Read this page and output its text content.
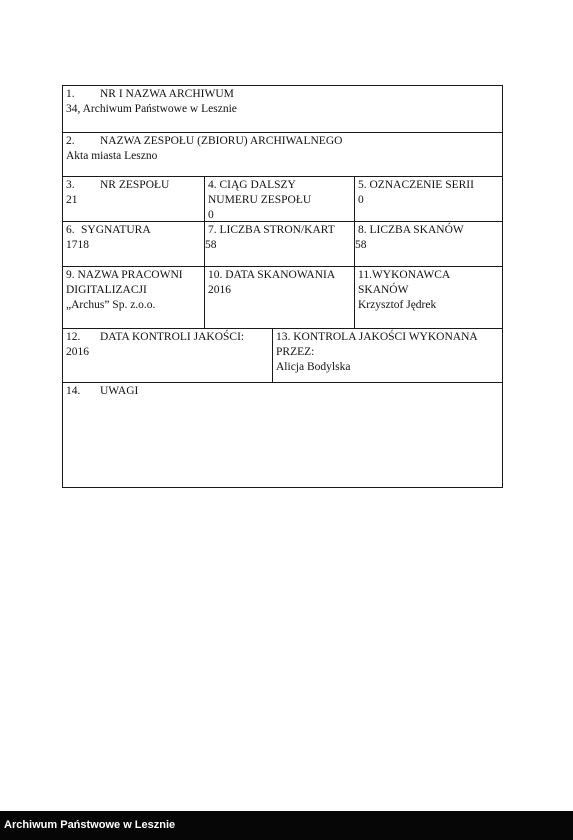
1. NR I NAZWA ARCHIWUM
34, Archiwum Państwowe w Lesznie
2. NAZWA ZESPOŁU (ZBIORU) ARCHIWALNEGO
Akta miasta Leszno
3. NR ZESPOŁU
21
4. CIĄG DALSZY
NUMERU ZESPOŁU
0
5. OZNACZENIE SERII
0
6. SYGNATURA
1718
7. LICZBA STRON/KART
58
8. LICZBA SKANÓW
58
9. NAZWA PRACOWNI
DIGITALIZACJI
„Archus” Sp. z.o.o.
10. DATA SKANOWANIA
2016
11.WYKONAWCA
SKANÓW
Krzysztof Jędrek
12. DATA KONTROLI JAKOŚCI:
2016
13. KONTROLA JAKOŚCI WYKONANA
PRZEZ:
Alicja Bodylska
14. UWAGI
Archiwum Państwowe w Lesznie
